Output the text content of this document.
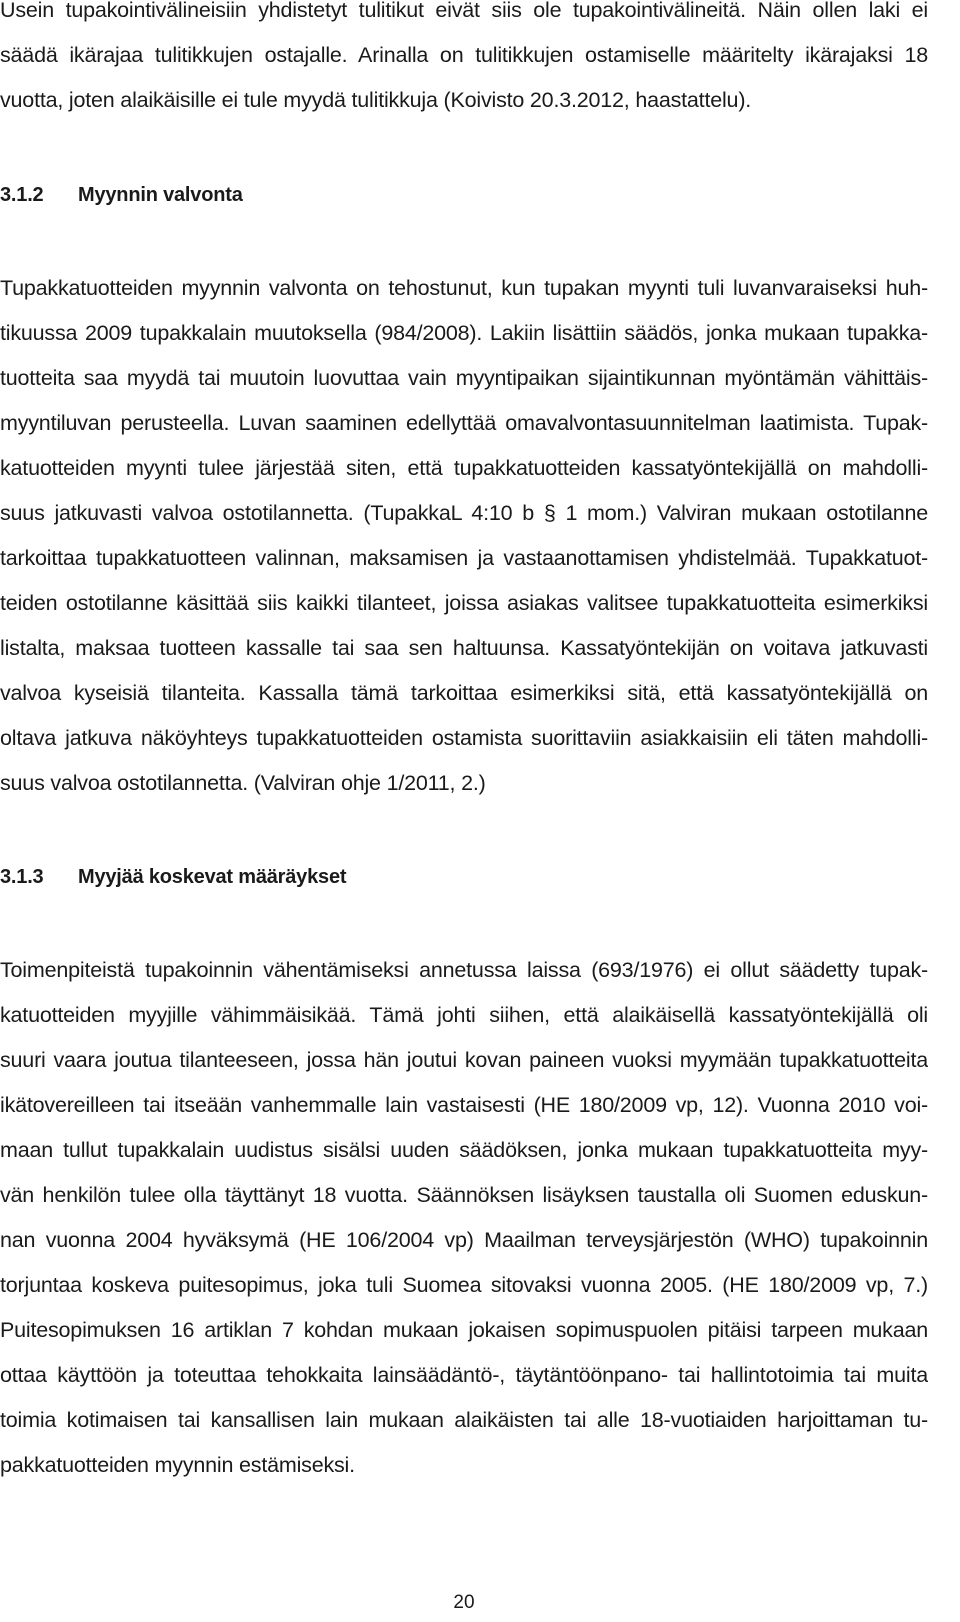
Usein tupakointivälineisiin yhdistetyt tulitikut eivät siis ole tupakointivälineitä. Näin ollen laki ei
säädä ikärajaa tulitikkujen ostajalle. Arinalla on tulitikkujen ostamiselle määritelty ikärajaksi 18
vuotta, joten alaikäisille ei tule myydä tulitikkuja (Koivisto 20.3.2012, haastattelu).
3.1.2 Myynnin valvonta
Tupakkatuotteiden myynnin valvonta on tehostunut, kun tupakan myynti tuli luvanvaraiseksi huh-
tikuussa 2009 tupakkalain muutoksella (984/2008). Lakiin lisättiin säädös, jonka mukaan tupakka-
tuotteita saa myydä tai muutoin luovuttaa vain myyntipaikan sijaintikunnan myöntämän vähittäis-
myyntiluvan perusteella. Luvan saaminen edellyttää omavalvontasuunnitelman laatimista. Tupak-
katuotteiden myynti tulee järjestää siten, että tupakkatuotteiden kassatyöntekijällä on mahdolli-
suus jatkuvasti valvoa ostotilannetta. (TupakkaL 4:10 b § 1 mom.) Valviran mukaan ostotilanne
tarkoittaa tupakkatuotteen valinnan, maksamisen ja vastaanottamisen yhdistelmää. Tupakkatuot-
teiden ostotilanne käsittää siis kaikki tilanteet, joissa asiakas valitsee tupakkatuotteita esimerkiksi
listalta, maksaa tuotteen kassalle tai saa sen haltuunsa. Kassatyöntekijän on voitava jatkuvasti
valvoa kyseisiä tilanteita. Kassalla tämä tarkoittaa esimerkiksi sitä, että kassatyöntekijällä on
oltava jatkuva näköyhteys tupakkatuotteiden ostamista suorittaviin asiakkaisiin eli täten mahdolli-
suus valvoa ostotilannetta. (Valviran ohje 1/2011, 2.)
3.1.3 Myyjää koskevat määräykset
Toimenpiteistä tupakoinnin vähentämiseksi annetussa laissa (693/1976) ei ollut säädetty tupak-
katuotteiden myyjille vähimmäisikää. Tämä johti siihen, että alaikäisellä kassatyöntekijällä oli
suuri vaara joutua tilanteeseen, jossa hän joutui kovan paineen vuoksi myymään tupakkatuotteita
ikätovereilleen tai itseään vanhemmalle lain vastaisesti (HE 180/2009 vp, 12). Vuonna 2010 voi-
maan tullut tupakkalain uudistus sisälsi uuden säädöksen, jonka mukaan tupakkatuotteita myy-
vän henkilön tulee olla täyttänyt 18 vuotta. Säännöksen lisäyksen taustalla oli Suomen eduskun-
nan vuonna 2004 hyväksymä (HE 106/2004 vp) Maailman terveysjärjestön (WHO) tupakoinnin
torjuntaa koskeva puitesopimus, joka tuli Suomea sitovaksi vuonna 2005. (HE 180/2009 vp, 7.)
Puitesopimuksen 16 artiklan 7 kohdan mukaan jokaisen sopimuspuolen pitäisi tarpeen mukaan
ottaa käyttöön ja toteuttaa tehokkaita lainsäädäntö-, täytäntöönpano- tai hallintotoimia tai muita
toimia kotimaisen tai kansallisen lain mukaan alaikäisten tai alle 18-vuotiaiden harjoittaman tu-
pakkatuotteiden myynnin estämiseksi.
20
